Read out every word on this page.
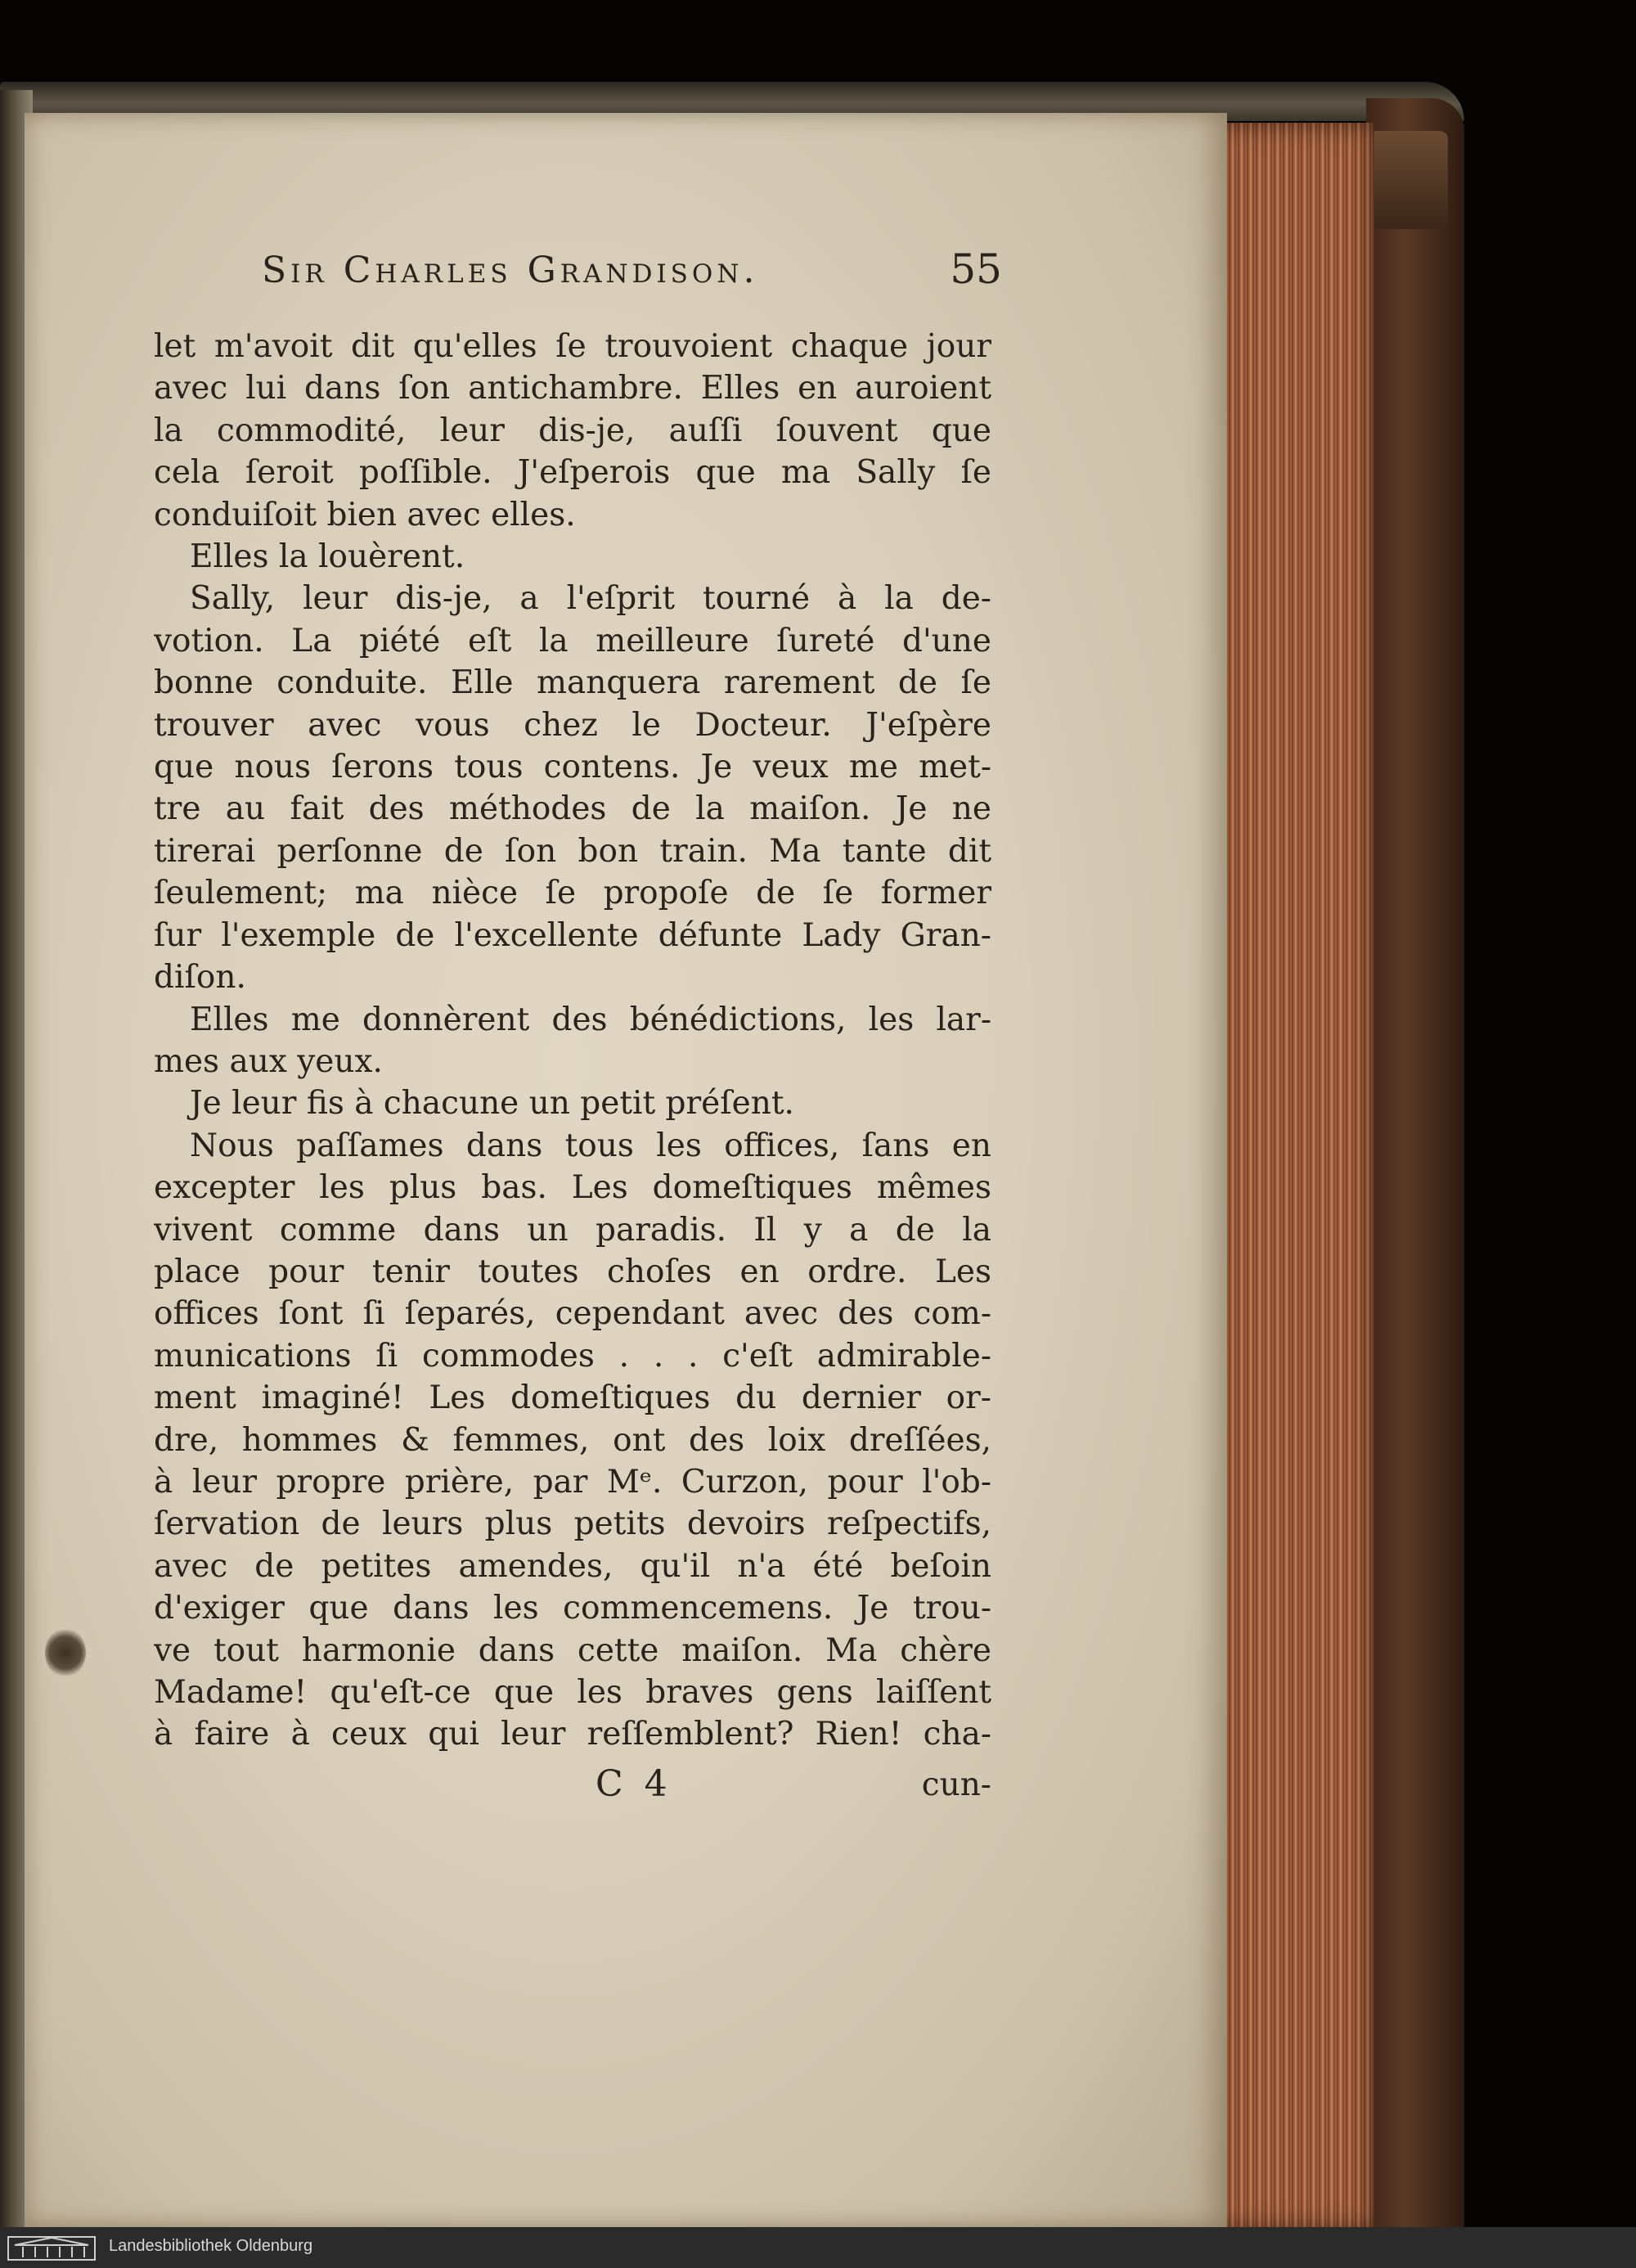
Sir Charles Grandison.	55
let m'avoit dit qu'elles ſe trouvoient chaque jour
avec lui dans ſon antichambre. Elles en auroient
la commodité, leur dis-je, auſſi ſouvent que
cela ſeroit poſſible. J'eſperois que ma Sally ſe
conduiſoit bien avec elles.
Elles la louèrent.
Sally, leur dis-je, a l'eſprit tourné à la de-
votion. La piété eſt la meilleure ſureté d'une
bonne conduite. Elle manquera rarement de ſe
trouver avec vous chez le Docteur. J'eſpère
que nous ſerons tous contens. Je veux me met-
tre au fait des méthodes de la maiſon. Je ne
tirerai perſonne de ſon bon train. Ma tante dit
ſeulement; ma nièce ſe propoſe de ſe former
ſur l'exemple de l'excellente défunte Lady Gran-
diſon.
Elles me donnèrent des bénédictions, les lar-
mes aux yeux.
Je leur fis à chacune un petit préſent.
Nous paſſames dans tous les offices, ſans en
excepter les plus bas. Les domeſtiques mêmes
vivent comme dans un paradis. Il y a de la
place pour tenir toutes choſes en ordre. Les
offices ſont ſi ſeparés, cependant avec des com-
munications ſi commodes . . . c'eſt admirable-
ment imaginé! Les domeſtiques du dernier or-
dre, hommes & femmes, ont des loix dreſſées,
à leur propre prière, par Mᵉ. Curzon, pour l'ob-
ſervation de leurs plus petits devoirs reſpectifs,
avec de petites amendes, qu'il n'a été beſoin
d'exiger que dans les commencemens. Je trou-
ve tout harmonie dans cette maiſon. Ma chère
Madame! qu'eſt-ce que les braves gens laiſſent
à faire à ceux qui leur reſſemblent? Rien! cha-
C 4	cun-
Landesbibliothek Oldenburg
